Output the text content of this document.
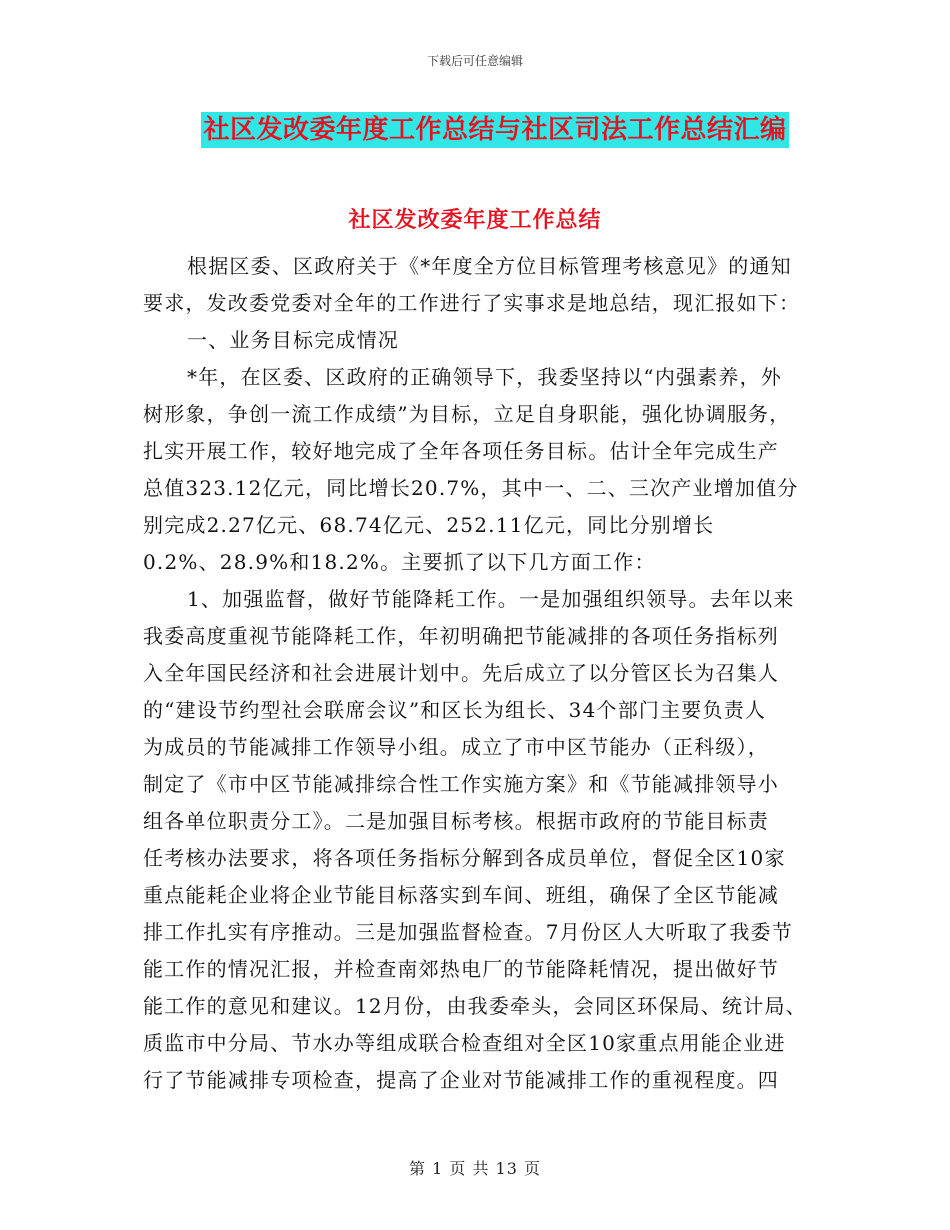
下载后可任意编辑
社区发改委年度工作总结与社区司法工作总结汇编
社区发改委年度工作总结
根据区委、区政府关于《*年度全方位目标管理考核意见》的通知
要求，发改委党委对全年的工作进行了实事求是地总结，现汇报如下：
一、业务目标完成情况
*年，在区委、区政府的正确领导下，我委坚持以“内强素养，外
树形象，争创一流工作成绩”为目标，立足自身职能，强化协调服务，
扎实开展工作，较好地完成了全年各项任务目标。估计全年完成生产
总值323.12亿元，同比增长20.7%，其中一、二、三次产业增加值分
别完成2.27亿元、68.74亿元、252.11亿元，同比分别增长
0.2%、28.9%和18.2%。主要抓了以下几方面工作：
1、加强监督，做好节能降耗工作。一是加强组织领导。去年以来
我委高度重视节能降耗工作，年初明确把节能减排的各项任务指标列
入全年国民经济和社会进展计划中。先后成立了以分管区长为召集人
的“建设节约型社会联席会议”和区长为组长、34个部门主要负责人
为成员的节能减排工作领导小组。成立了市中区节能办（正科级），
制定了《市中区节能减排综合性工作实施方案》和《节能减排领导小
组各单位职责分工》。二是加强目标考核。根据市政府的节能目标责
任考核办法要求，将各项任务指标分解到各成员单位，督促全区10家
重点能耗企业将企业节能目标落实到车间、班组，确保了全区节能减
排工作扎实有序推动。三是加强监督检查。7月份区人大听取了我委节
能工作的情况汇报，并检查南郊热电厂的节能降耗情况，提出做好节
能工作的意见和建议。12月份，由我委牵头，会同区环保局、统计局、
质监市中分局、节水办等组成联合检查组对全区10家重点用能企业进
行了节能减排专项检查，提高了企业对节能减排工作的重视程度。四
第 1 页 共 13 页
